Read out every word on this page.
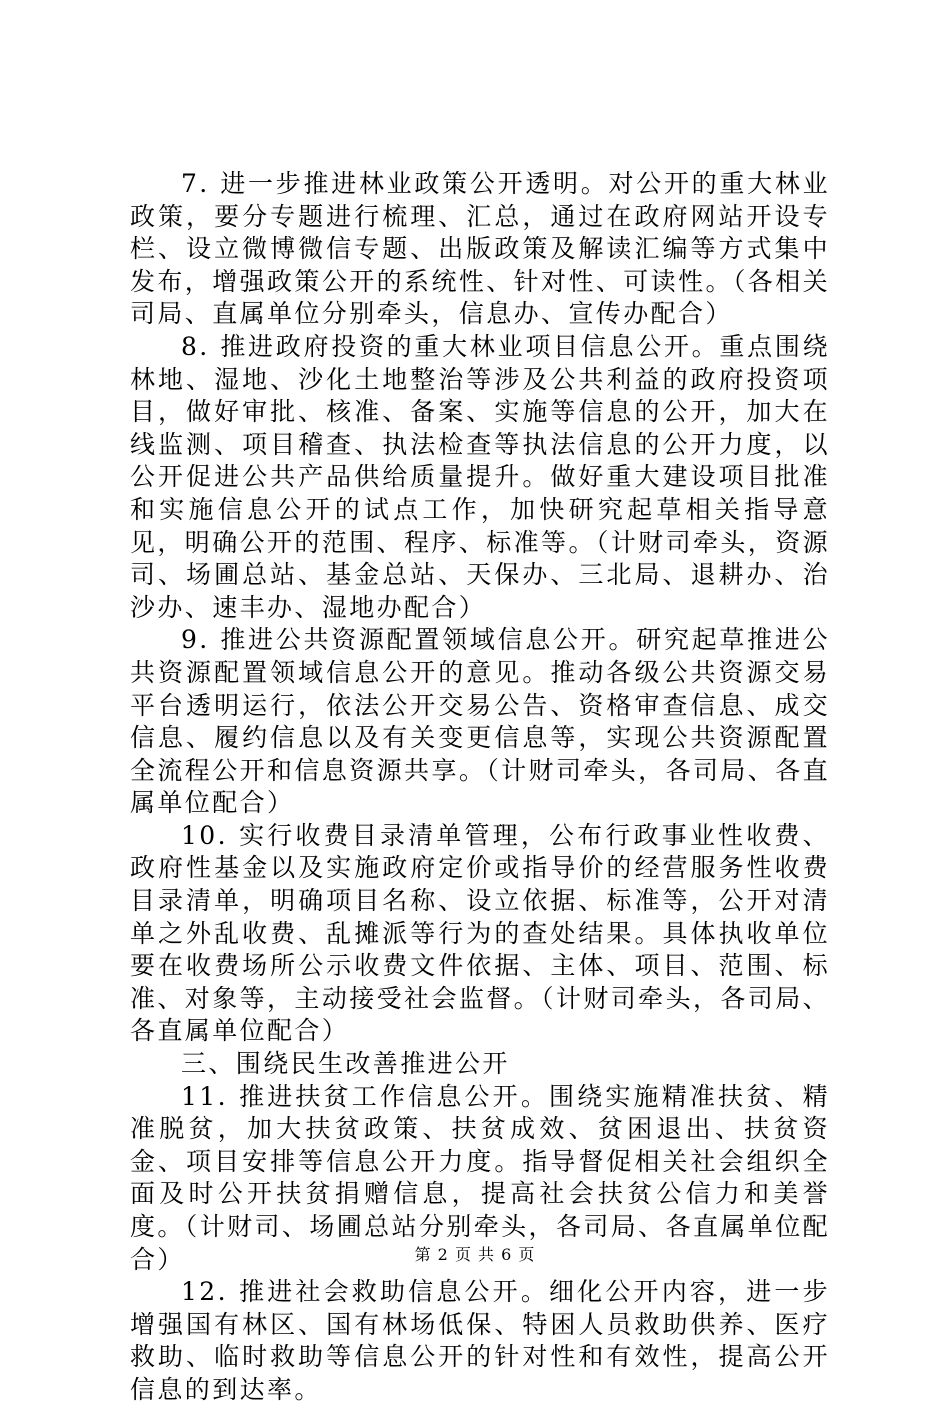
7. 进一步推进林业政策公开透明。对公开的重大林业政策，要分专题进行梳理、汇总，通过在政府网站开设专栏、设立微博微信专题、出版政策及解读汇编等方式集中发布，增强政策公开的系统性、针对性、可读性。（各相关司局、直属单位分别牵头，信息办、宣传办配合）

8. 推进政府投资的重大林业项目信息公开。重点围绕林地、湿地、沙化土地整治等涉及公共利益的政府投资项目，做好审批、核准、备案、实施等信息的公开，加大在线监测、项目稽查、执法检查等执法信息的公开力度，以公开促进公共产品供给质量提升。做好重大建设项目批准和实施信息公开的试点工作，加快研究起草相关指导意见，明确公开的范围、程序、标准等。（计财司牵头，资源司、场圃总站、基金总站、天保办、三北局、退耕办、治沙办、速丰办、湿地办配合）

9. 推进公共资源配置领域信息公开。研究起草推进公共资源配置领域信息公开的意见。推动各级公共资源交易平台透明运行，依法公开交易公告、资格审查信息、成交信息、履约信息以及有关变更信息等，实现公共资源配置全流程公开和信息资源共享。（计财司牵头，各司局、各直属单位配合）

10. 实行收费目录清单管理，公布行政事业性收费、政府性基金以及实施政府定价或指导价的经营服务性收费目录清单，明确项目名称、设立依据、标准等，公开对清单之外乱收费、乱摊派等行为的查处结果。具体执收单位要在收费场所公示收费文件依据、主体、项目、范围、标准、对象等，主动接受社会监督。（计财司牵头，各司局、各直属单位配合）

三、围绕民生改善推进公开

11. 推进扶贫工作信息公开。围绕实施精准扶贫、精准脱贫，加大扶贫政策、扶贫成效、贫困退出、扶贫资金、项目安排等信息公开力度。指导督促相关社会组织全面及时公开扶贫捐赠信息，提高社会扶贫公信力和美誉度。（计财司、场圃总站分别牵头，各司局、各直属单位配合）

12. 推进社会救助信息公开。细化公开内容，进一步增强国有林区、国有林场低保、特困人员救助供养、医疗救助、临时救助等信息公开的针对性和有效性，提高公开信息的到达率。

第 2 页 共 6 页
